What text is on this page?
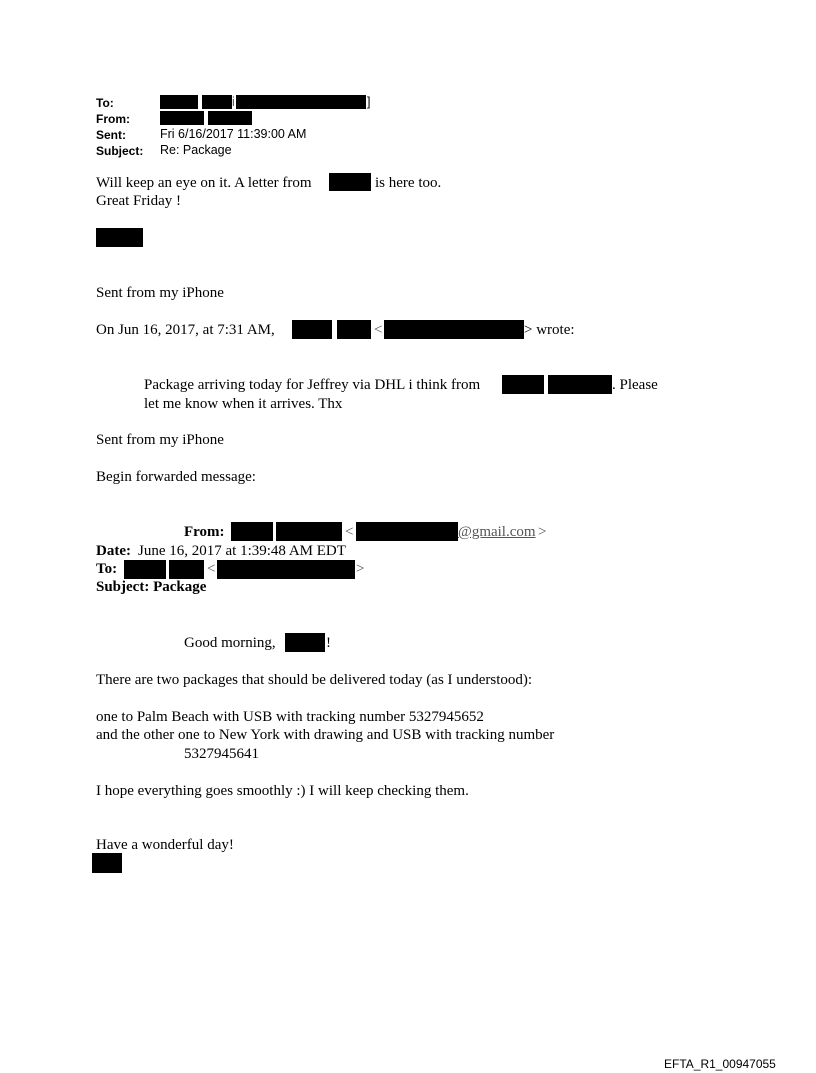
To:	i	]
From:
Sent:	Fri 6/16/2017 11:39:00 AM
Subject: Re: Package
Will keep an eye on it. A letter from	is here too.
Great Friday !
Sent from my iPhone
On Jun 16, 2017, at 7:31 AM,	<	> wrote:
Package arriving today for Jeffrey via DHL i think from	. Please
let me know when it arrives. Thx
Sent from my iPhone
Begin forwarded message:
From:	<	@gmail.com >
Date: June 16, 2017 at 1:39:48 AM EDT
To:	<	>
Subject: Package
Good morning,	!
There are two packages that should be delivered today (as I understood):
one to Palm Beach with USB with tracking number 5327945652
and the other one to New York with drawing and USB with tracking number
5327945641
I hope everything goes smoothly :) I will keep checking them.
Have a wonderful day!
EFTA_R1_00947055
